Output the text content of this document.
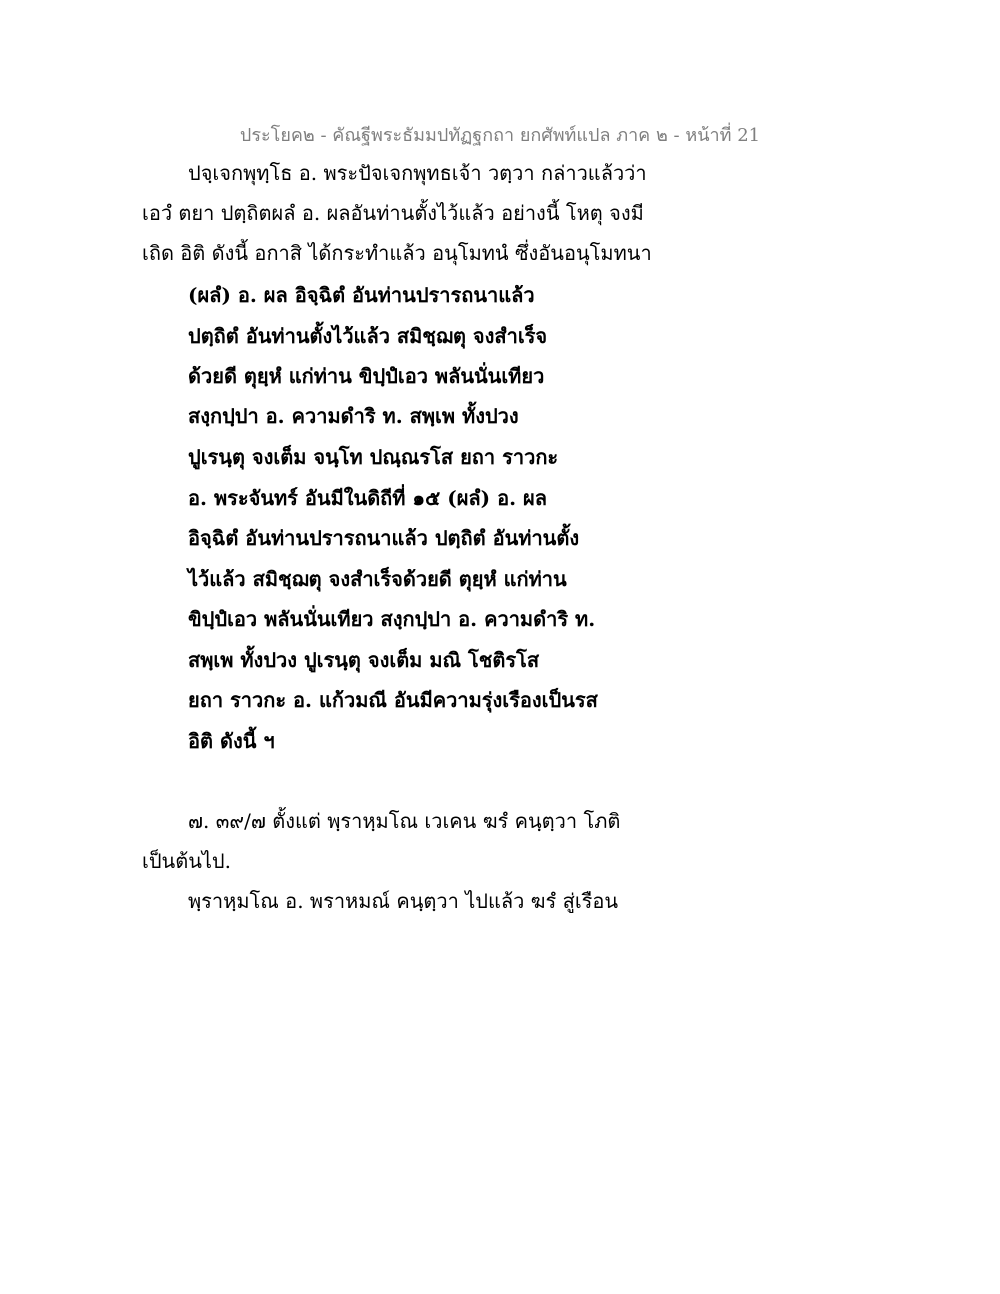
ประโยค๒ - คัณฐีพระธัมมปทัฏฐกถา ยกศัพท์แปล ภาค ๒ - หน้าที่ 21
ปจฺเจกพุทฺโธ อ. พระปัจเจกพุทธเจ้า วตฺวา กล่าวแล้วว่า
เอวํ ตยา ปตฺถิตผลํ อ. ผลอันท่านตั้งไว้แล้ว อย่างนี้ โหตุ จงมี
เถิด อิติ ดังนี้ อกาสิ ได้กระทำแล้ว อนุโมทนํ ซึ่งอันอนุโมทนา
(ผลํ) อ. ผล อิจฺฉิตํ อันท่านปรารถนาแล้ว
ปตฺถิตํ อันท่านตั้งไว้แล้ว สมิชฺฌตุ จงสำเร็จ
ด้วยดี ตุยฺหํ แก่ท่าน ขิปฺปํเอว พลันนั่นเทียว
สงฺกปฺปา อ. ความดำริ ท. สพฺเพ ทั้งปวง
ปูเรนฺตุ จงเต็ม จนฺโท ปณฺณรโส ยถา ราวกะ
อ. พระจันทร์ อันมีในดิถีที่ ๑๕ (ผลํ) อ. ผล
อิจฺฉิตํ อันท่านปรารถนาแล้ว ปตฺถิตํ อันท่านตั้ง
ไว้แล้ว สมิชฺฌตุ จงสำเร็จด้วยดี ตุยฺหํ แก่ท่าน
ขิปฺปํเอว พลันนั่นเทียว สงฺกปฺปา อ. ความดำริ ท.
สพฺเพ ทั้งปวง ปูเรนฺตุ จงเต็ม มณิ โชติรโส
ยถา ราวกะ อ. แก้วมณี อันมีความรุ่งเรืองเป็นรส
อิติ ดังนี้ ฯ
๗. ๓๙/๗ ตั้งแต่ พฺราหฺมโณ เวเคน ฆรํ คนฺตฺวา โภติ
เป็นต้นไป.
พฺราหฺมโณ อ. พราหมณ์ คนฺตฺวา ไปแล้ว ฆรํ สู่เรือน
